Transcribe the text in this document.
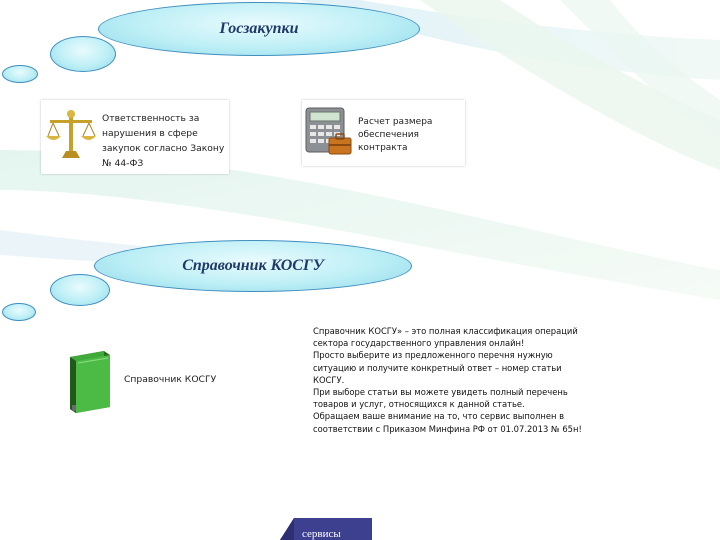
Госзакупки
Ответственность за нарушения в сфере закупок согласно Закону № 44-ФЗ
Расчет размера обеспечения контракта
Справочник КОСГУ
Справочник КОСГУ

Справочник КОСГУ» – это полная классификация операций сектора государственного управления онлайн!

Просто выберите из предложенного перечня нужную ситуацию и получите конкретный ответ – номер статьи КОСГУ.

При выборе статьи вы можете увидеть полный перечень товаров и услуг, относящихся к данной статье.

Обращаем ваше внимание на то, что сервис выполнен в соответствии с Приказом Минфина РФ от 01.07.2013 № 65н!

сервисы
